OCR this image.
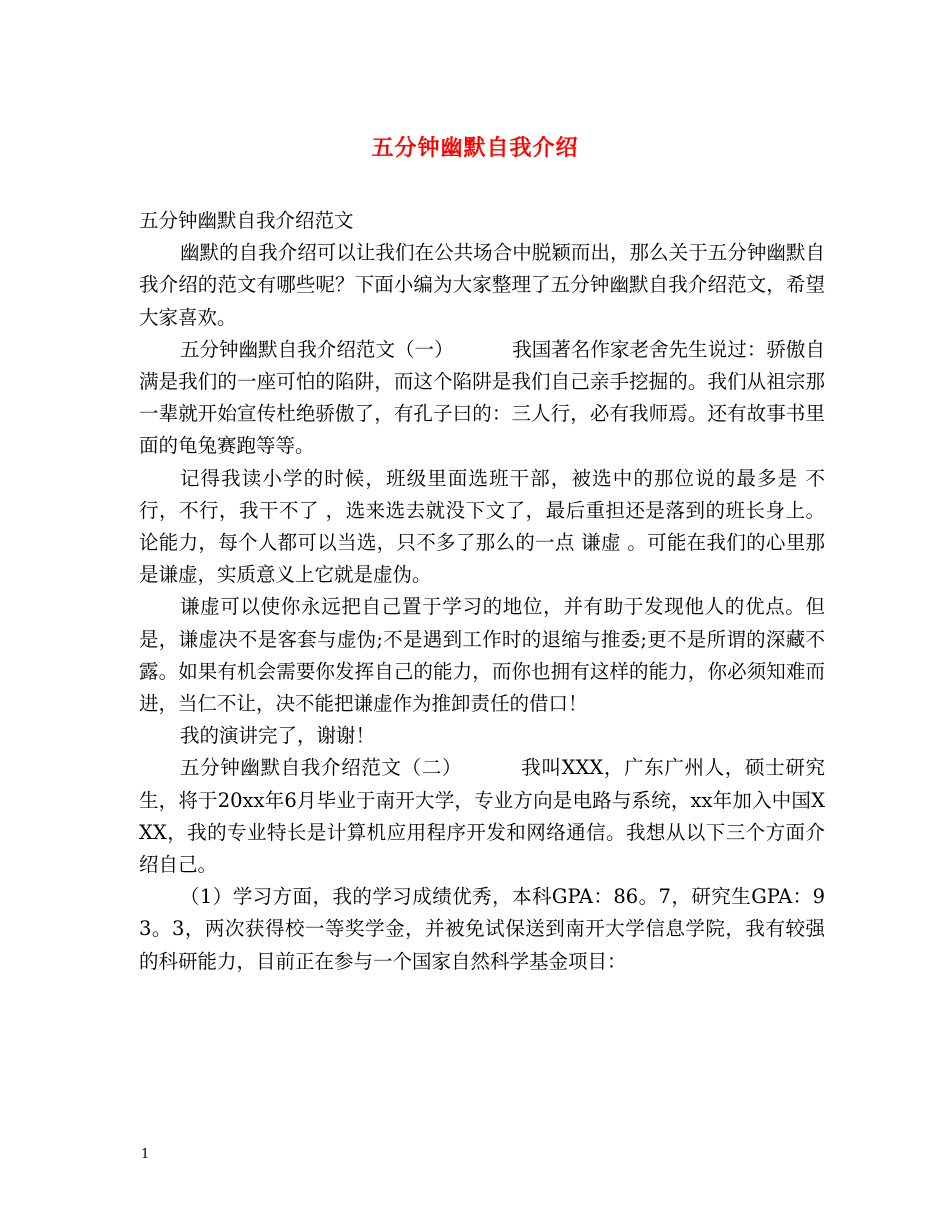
五分钟幽默自我介绍

五分钟幽默自我介绍范文

幽默的自我介绍可以让我们在公共场合中脱颖而出，那么关于五分钟幽默自我介绍的范文有哪些呢？下面小编为大家整理了五分钟幽默自我介绍范文，希望大家喜欢。

五分钟幽默自我介绍范文（一）	我国著名作家老舍先生说过：骄傲自满是我们的一座可怕的陷阱，而这个陷阱是我们自己亲手挖掘的。我们从祖宗那一辈就开始宣传杜绝骄傲了，有孔子曰的：三人行，必有我师焉。还有故事书里面的龟兔赛跑等等。

记得我读小学的时候，班级里面选班干部，被选中的那位说的最多是 不行，不行，我干不了 ，选来选去就没下文了，最后重担还是落到的班长身上。论能力，每个人都可以当选，只不多了那么的一点 谦虚 。可能在我们的心里那是谦虚，实质意义上它就是虚伪。

谦虚可以使你永远把自己置于学习的地位，并有助于发现他人的优点。但是，谦虚决不是客套与虚伪;不是遇到工作时的退缩与推委;更不是所谓的深藏不露。如果有机会需要你发挥自己的能力，而你也拥有这样的能力，你必须知难而进，当仁不让，决不能把谦虚作为推卸责任的借口！

我的演讲完了，谢谢！

五分钟幽默自我介绍范文（二）	我叫XXX，广东广州人，硕士研究生，将于20xx年6月毕业于南开大学，专业方向是电路与系统，xx年加入中国XXX，我的专业特长是计算机应用程序开发和网络通信。我想从以下三个方面介绍自己。

（1）学习方面，我的学习成绩优秀，本科GPA：86。7，研究生GPA：93。3，两次获得校一等奖学金，并被免试保送到南开大学信息学院，我有较强的科研能力，目前正在参与一个国家自然科学基金项目：

1
